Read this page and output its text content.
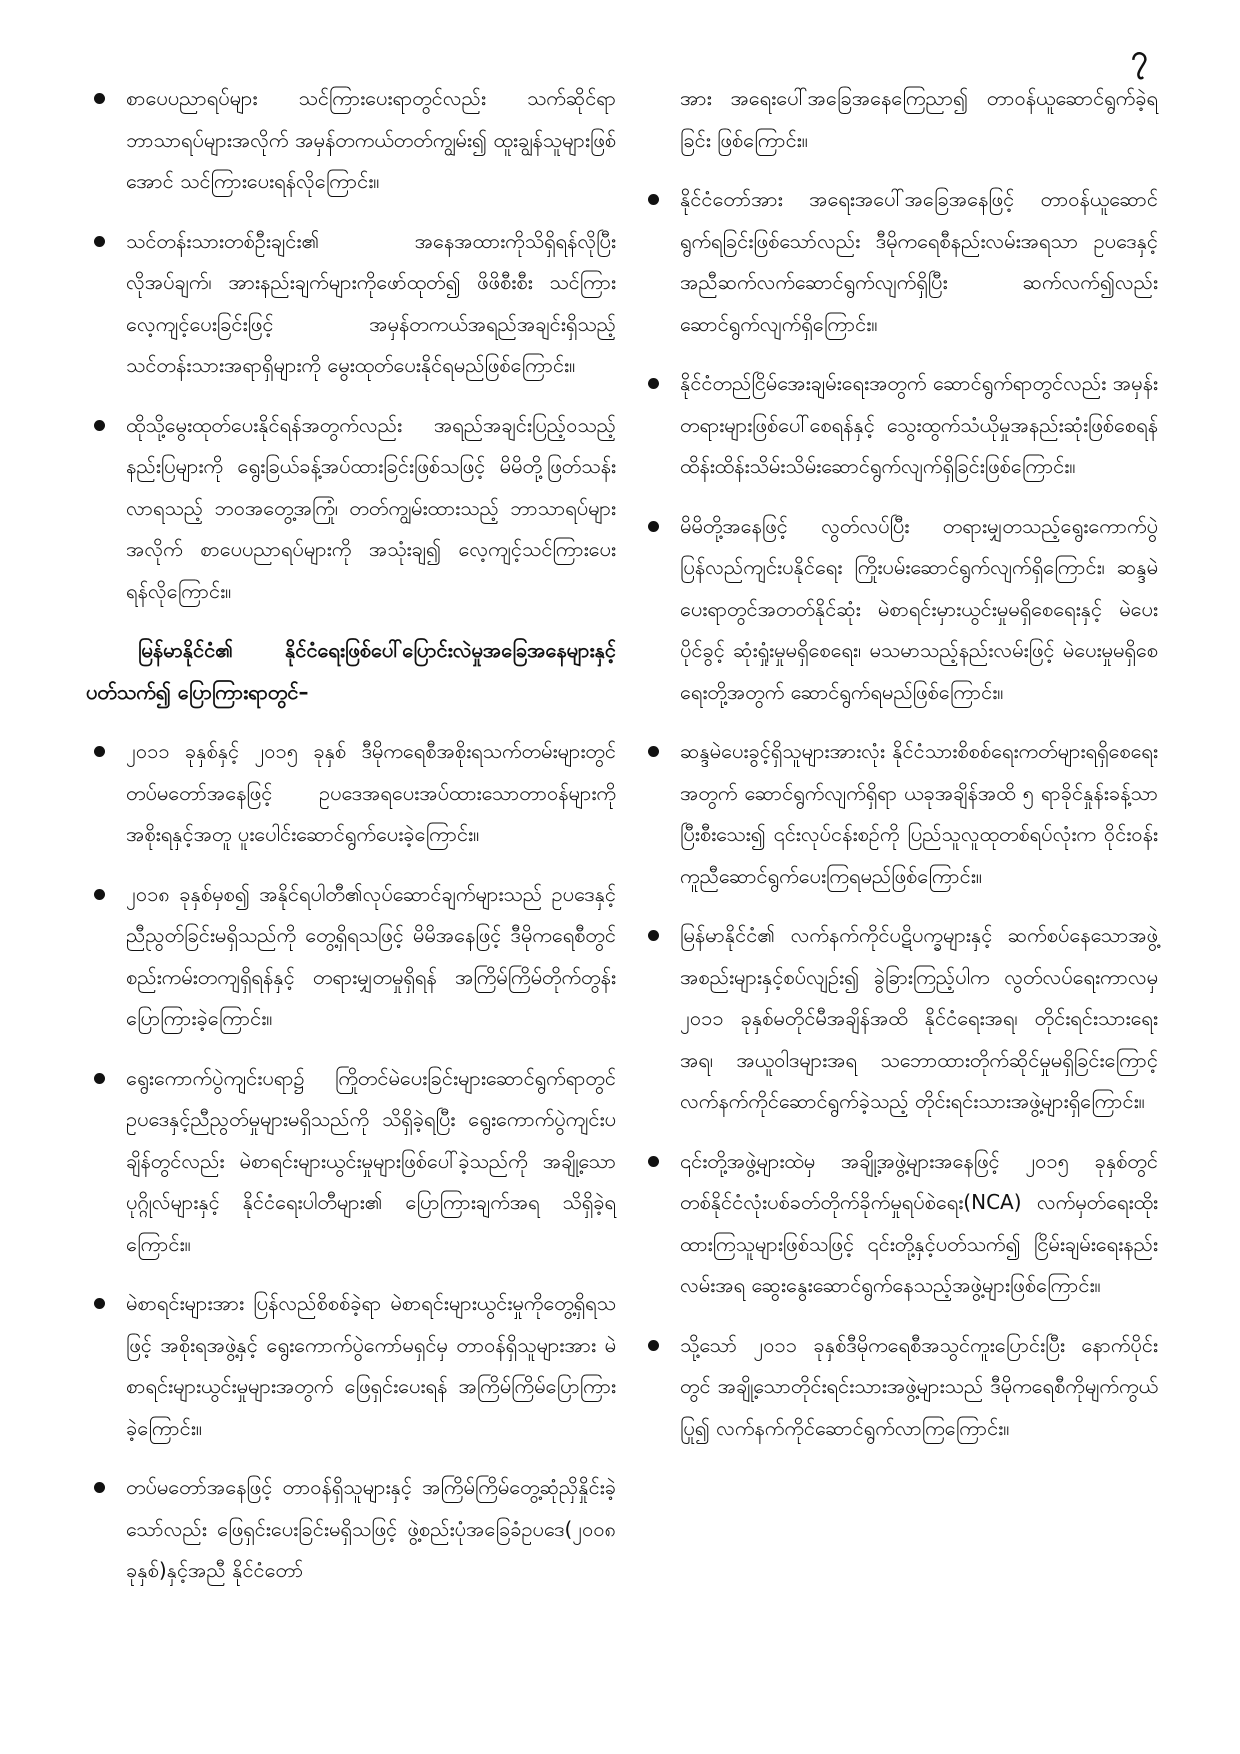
၇
စာပေပညာရပ်များ သင်ကြားပေးရာတွင်လည်း သက်ဆိုင်ရာဘာသာရပ်များအလိုက် အမှန်တကယ်တတ်ကျွမ်း၍ ထူးချွန်သူများဖြစ်အောင် သင်ကြားပေးရန်လိုကြောင်း။
သင်တန်းသားတစ်ဦးချင်း၏ အနေအထားကိုသိရှိရန်လိုပြီး လိုအပ်ချက်၊ အားနည်းချက်များကိုဖော်ထုတ်၍ ဖိဖိစီးစီး သင်ကြားလေ့ကျင့်ပေးခြင်းဖြင့် အမှန်တကယ်အရည်အချင်းရှိသည့်သင်တန်းသားအရာရှိများကို မွေးထုတ်ပေးနိုင်ရမည်ဖြစ်ကြောင်း။
ထိုသို့မွေးထုတ်ပေးနိုင်ရန်အတွက်လည်း အရည်အချင်းပြည့်ဝသည့် နည်းပြများကို ရွေးခြယ်ခန့်အပ်ထားခြင်းဖြစ်သဖြင့် မိမိတို့ဖြတ်သန်းလာရသည့် ဘဝအတွေ့အကြုံ၊ တတ်ကျွမ်းထားသည့် ဘာသာရပ်များအလိုက် စာပေပညာရပ်များကို အသုံးချ၍ လေ့ကျင့်သင်ကြားပေးရန်လိုကြောင်း။
မြန်မာနိုင်ငံ၏ နိုင်ငံရေးဖြစ်ပေါ်ပြောင်းလဲမှုအခြေအနေများနှင့်ပတ်သက်၍ ပြောကြားရာတွင်–
၂၀၁၁ ခုနှစ်နှင့် ၂၀၁၅ ခုနှစ် ဒီမိုကရေစီအစိုးရသက်တမ်းများတွင် တပ်မတော်အနေဖြင့် ဥပဒေအရပေးအပ်ထားသောတာဝန်များကို အစိုးရနှင့်အတူ ပူးပေါင်းဆောင်ရွက်ပေးခဲ့ကြောင်း။
၂၀၁၈ ခုနှစ်မှစ၍ အနိုင်ရပါတီ၏လုပ်ဆောင်ချက်များသည် ဥပဒေနှင့်ညီညွတ်ခြင်းမရှိသည်ကို တွေ့ရှိရသဖြင့် မိမိအနေဖြင့် ဒီမိုကရေစီတွင် စည်းကမ်းတကျရှိရန်နှင့် တရားမျှတမှုရှိရန် အကြိမ်ကြိမ်တိုက်တွန်းပြောကြားခဲ့ကြောင်း။
ရွေးကောက်ပွဲကျင်းပရာ၌ ကြိုတင်မဲပေးခြင်းများဆောင်ရွက်ရာတွင် ဥပဒေနှင့်ညီညွတ်မှုများမရှိသည်ကို သိရှိခဲ့ရပြီး ရွေးကောက်ပွဲကျင်းပချိန်တွင်လည်း မဲစာရင်းများယွင်းမှုများဖြစ်ပေါ်ခဲ့သည်ကို အချို့သောပုဂ္ဂိုလ်များနှင့် နိုင်ငံရေးပါတီများ၏ ပြောကြားချက်အရ သိရှိခဲ့ရကြောင်း။
မဲစာရင်းများအား ပြန်လည်စိစစ်ခဲ့ရာ မဲစာရင်းများယွင်းမှုကိုတွေ့ရှိရသဖြင့် အစိုးရအဖွဲ့နှင့် ရွေးကောက်ပွဲကော်မရှင်မှ တာဝန်ရှိသူများအား မဲစာရင်းများယွင်းမှုများအတွက် ဖြေရှင်းပေးရန် အကြိမ်ကြိမ်ပြောကြားခဲ့ကြောင်း။
တပ်မတော်အနေဖြင့် တာဝန်ရှိသူများနှင့် အကြိမ်ကြိမ်တွေ့ဆုံညှိနှိုင်းခဲ့သော်လည်း ဖြေရှင်းပေးခြင်းမရှိသဖြင့် ဖွဲ့စည်းပုံအခြေခံဥပဒေ(၂၀၀၈ ခုနှစ်)နှင့်အညီ နိုင်ငံတော်
အား အရေးပေါ်အခြေအနေကြေညာ၍ တာဝန်ယူဆောင်ရွက်ခဲ့ရခြင်း ဖြစ်ကြောင်း။
နိုင်ငံတော်အား အရေးအပေါ်အခြေအနေဖြင့် တာဝန်ယူဆောင်ရွက်ရခြင်းဖြစ်သော်လည်း ဒီမိုကရေစီနည်းလမ်းအရသာ ဥပဒေနှင့်အညီဆက်လက်ဆောင်ရွက်လျက်ရှိပြီး ဆက်လက်၍လည်း ဆောင်ရွက်လျက်ရှိကြောင်း။
နိုင်ငံတည်ငြိမ်အေးချမ်းရေးအတွက် ဆောင်ရွက်ရာတွင်လည်း အမှန်းတရားများဖြစ်ပေါ်စေရန်နှင့် သွေးထွက်သံယိုမှုအနည်းဆုံးဖြစ်စေရန် ထိန်းထိန်းသိမ်းသိမ်းဆောင်ရွက်လျက်ရှိခြင်းဖြစ်ကြောင်း။
မိမိတို့အနေဖြင့် လွတ်လပ်ပြီး တရားမျှတသည့်ရွေးကောက်ပွဲပြန်လည်ကျင်းပနိုင်ရေး ကြိုးပမ်းဆောင်ရွက်လျက်ရှိကြောင်း၊ ဆန္ဒမဲပေးရာတွင်အတတ်နိုင်ဆုံး မဲစာရင်းမှားယွင်းမှုမရှိစေရေးနှင့် မဲပေးပိုင်ခွင့် ဆုံးရှုံးမှုမရှိစေရေး၊ မသမာသည့်နည်းလမ်းဖြင့် မဲပေးမှုမရှိစေရေးတို့အတွက် ဆောင်ရွက်ရမည်ဖြစ်ကြောင်း။
ဆန္ဒမဲပေးခွင့်ရှိသူများအားလုံး နိုင်ငံသားစိစစ်ရေးကတ်များရရှိစေရေးအတွက် ဆောင်ရွက်လျက်ရှိရာ ယခုအချိန်အထိ ၅ ရာခိုင်နှုန်းခန့်သာပြီးစီးသေး၍ ၎င်းလုပ်ငန်းစဉ်ကို ပြည်သူလူထုတစ်ရပ်လုံးက ဝိုင်းဝန်းကူညီဆောင်ရွက်ပေးကြရမည်ဖြစ်ကြောင်း။
မြန်မာနိုင်ငံ၏ လက်နက်ကိုင်ပဋိပက္ခများနှင့် ဆက်စပ်နေသောအဖွဲ့အစည်းများနှင့်စပ်လျဉ်း၍ ခွဲခြားကြည့်ပါက လွတ်လပ်ရေးကာလမှ ၂၀၁၁ ခုနှစ်မတိုင်မီအချိန်အထိ နိုင်ငံရေးအရ၊ တိုင်းရင်းသားရေးအရ၊ အယူဝါဒများအရ သဘောထားတိုက်ဆိုင်မှုမရှိခြင်းကြောင့် လက်နက်ကိုင်ဆောင်ရွက်ခဲ့သည့် တိုင်းရင်းသားအဖွဲ့များရှိကြောင်း။
၎င်းတို့အဖွဲ့များထဲမှ အချို့အဖွဲ့များအနေဖြင့် ၂၀၁၅ ခုနှစ်တွင် တစ်နိုင်ငံလုံးပစ်ခတ်တိုက်ခိုက်မှုရပ်စဲရေး(NCA) လက်မှတ်ရေးထိုးထားကြသူများဖြစ်သဖြင့် ၎င်းတို့နှင့်ပတ်သက်၍ ငြိမ်းချမ်းရေးနည်းလမ်းအရ ဆွေးနွေးဆောင်ရွက်နေသည့်အဖွဲ့များဖြစ်ကြောင်း။
သို့သော် ၂၀၁၁ ခုနှစ်ဒီမိုကရေစီအသွင်ကူးပြောင်းပြီး နောက်ပိုင်းတွင် အချို့သောတိုင်းရင်းသားအဖွဲ့များသည် ဒီမိုကရေစီကိုမျက်ကွယ်ပြု၍ လက်နက်ကိုင်ဆောင်ရွက်လာကြကြောင်း။
